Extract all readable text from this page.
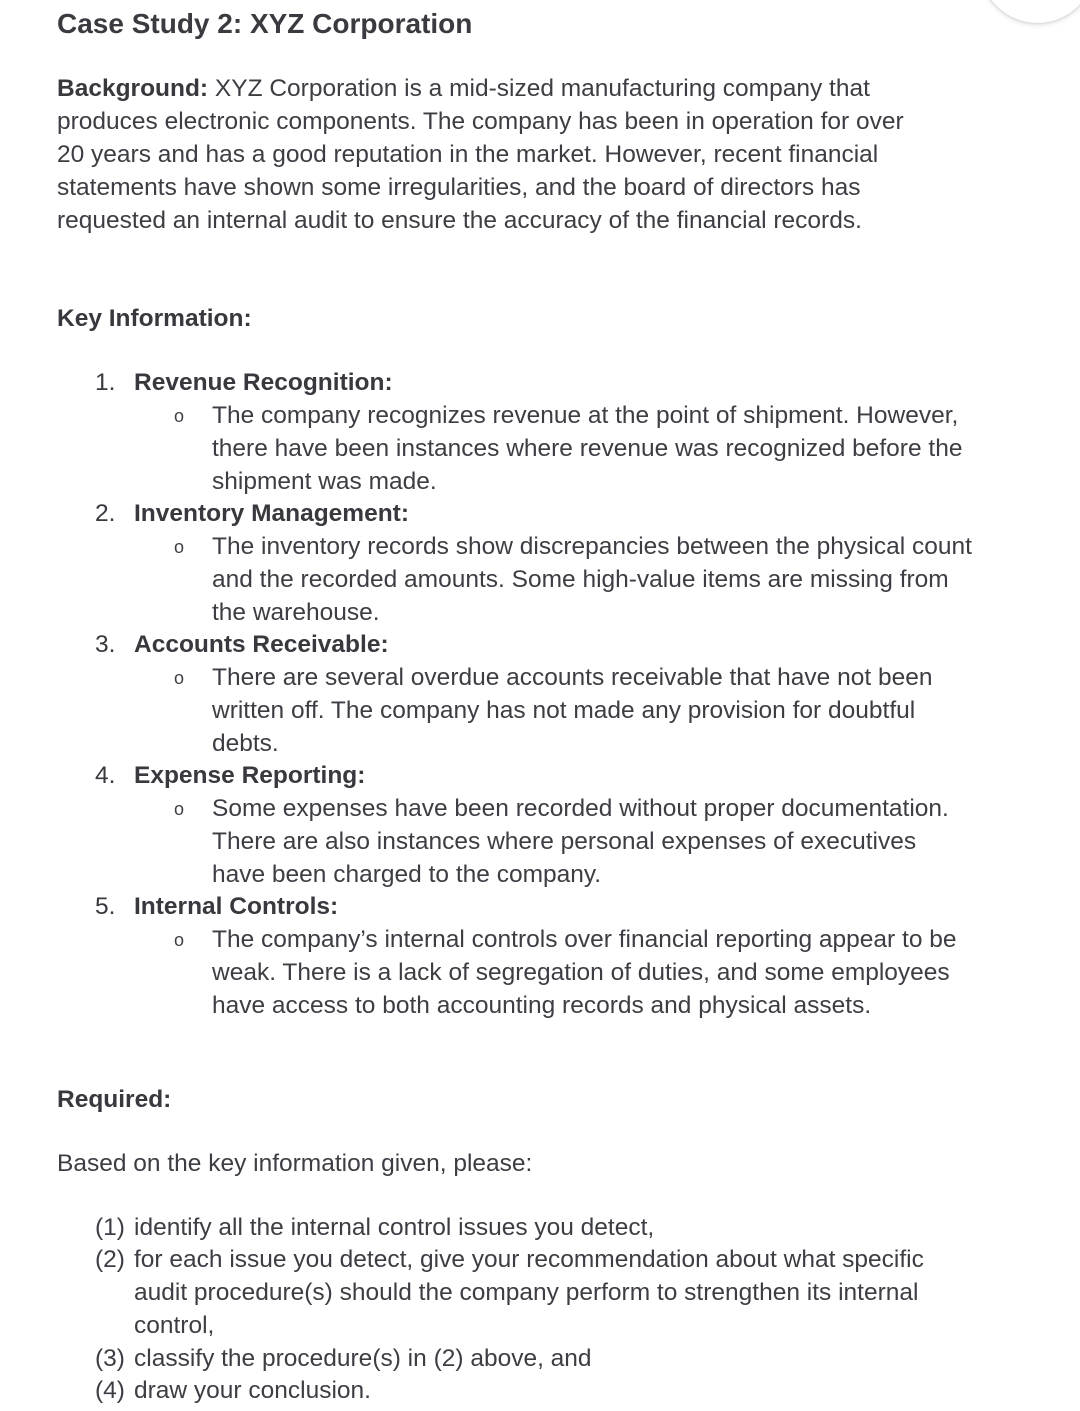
Case Study 2: XYZ Corporation

Background: XYZ Corporation is a mid-sized manufacturing company that produces electronic components. The company has been in operation for over 20 years and has a good reputation in the market. However, recent financial statements have shown some irregularities, and the board of directors has requested an internal audit to ensure the accuracy of the financial records.

Key Information:
1. Revenue Recognition:
o The company recognizes revenue at the point of shipment. However, there have been instances where revenue was recognized before the shipment was made.
2. Inventory Management:
o The inventory records show discrepancies between the physical count and the recorded amounts. Some high-value items are missing from the warehouse.
3. Accounts Receivable:
o There are several overdue accounts receivable that have not been written off. The company has not made any provision for doubtful debts.
4. Expense Reporting:
o Some expenses have been recorded without proper documentation. There are also instances where personal expenses of executives have been charged to the company.
5. Internal Controls:
o The company’s internal controls over financial reporting appear to be weak. There is a lack of segregation of duties, and some employees have access to both accounting records and physical assets.
Required:

Based on the key information given, please:

(1) identify all the internal control issues you detect,
(2) for each issue you detect, give your recommendation about what specific audit procedure(s) should the company perform to strengthen its internal control,
(3) classify the procedure(s) in (2) above, and
(4) draw your conclusion.
